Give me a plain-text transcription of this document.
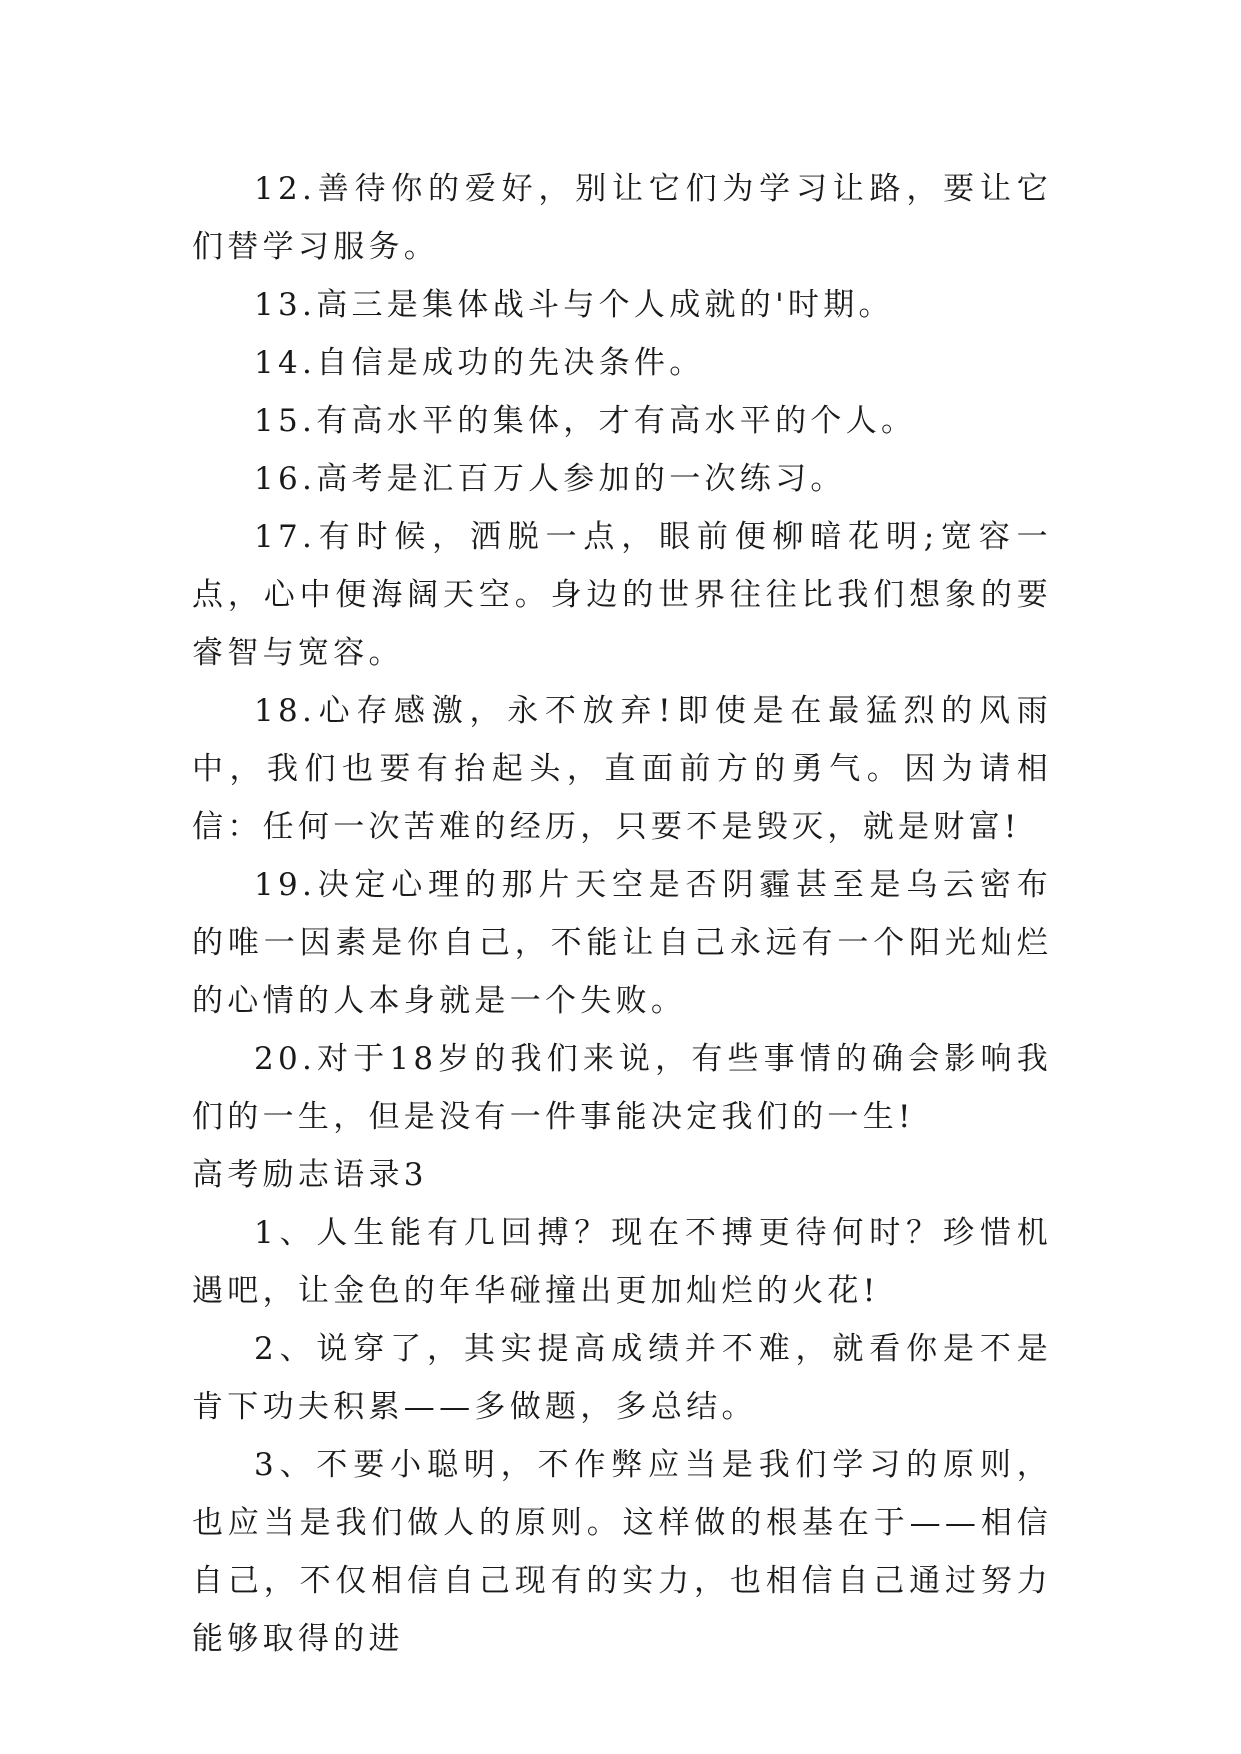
12.善待你的爱好，别让它们为学习让路，要让它们替学习服务。

13.高三是集体战斗与个人成就的'时期。

14.自信是成功的先决条件。

15.有高水平的集体，才有高水平的个人。

16.高考是汇百万人参加的一次练习。

17.有时候，洒脱一点，眼前便柳暗花明;宽容一点，心中便海阔天空。身边的世界往往比我们想象的要睿智与宽容。

18.心存感激，永不放弃!即使是在最猛烈的风雨中，我们也要有抬起头，直面前方的勇气。因为请相信：任何一次苦难的经历，只要不是毁灭，就是财富!

19.决定心理的那片天空是否阴霾甚至是乌云密布的唯一因素是你自己，不能让自己永远有一个阳光灿烂的心情的人本身就是一个失败。

20.对于18岁的我们来说，有些事情的确会影响我们的一生，但是没有一件事能决定我们的一生!

高考励志语录3

1、人生能有几回搏？现在不搏更待何时？珍惜机遇吧，让金色的年华碰撞出更加灿烂的火花!

2、说穿了，其实提高成绩并不难，就看你是不是肯下功夫积累——多做题，多总结。

3、不要小聪明，不作弊应当是我们学习的原则，也应当是我们做人的原则。这样做的根基在于——相信自己，不仅相信自己现有的实力，也相信自己通过努力能够取得的进
